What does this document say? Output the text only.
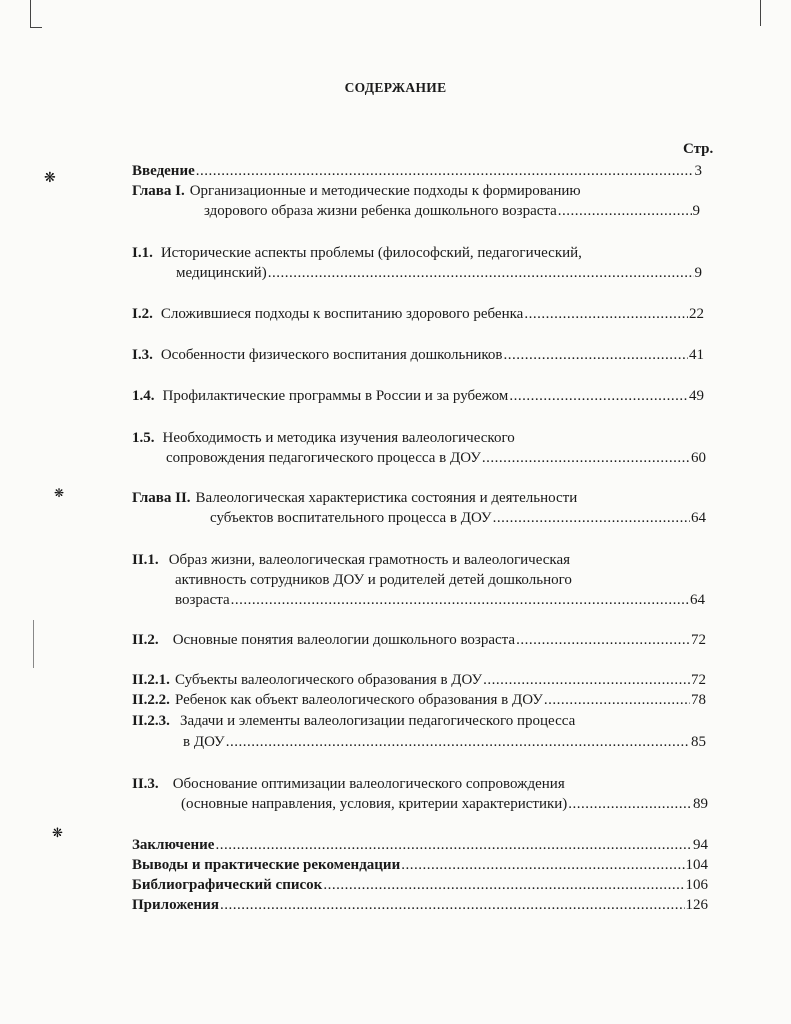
❋
❋
❋
СОДЕРЖАНИЕ
Стр.
Введение .....	3
Глава I. Организационные и методические подходы к формированию
здорового образа жизни ребенка дошкольного возраста .....	9
I.1. Исторические аспекты проблемы (философский, педагогический,
медицинский) .....	9
I.2. Сложившиеся подходы к воспитанию здорового ребенка .....	22
I.3. Особенности физического воспитания дошкольников .....	41
1.4. Профилактические программы в России и за рубежом .....	49
1.5. Необходимость и методика изучения валеологического
сопровождения педагогического процесса в ДОУ .....	60
Глава II. Валеологическая характеристика состояния и деятельности
субъектов воспитательного процесса в ДОУ .....	64
II.1. Образ жизни, валеологическая грамотность и валеологическая
активность сотрудников ДОУ и родителей детей дошкольного
возраста .....	64
II.2. Основные понятия валеологии дошкольного возраста .....	72
II.2.1. Субъекты валеологического образования в ДОУ .....	72
II.2.2. Ребенок как объект валеологического образования в ДОУ .....	78
II.2.3. Задачи и элементы валеологизации педагогического процесса
в ДОУ .....	85
II.3. Обоснование оптимизации валеологического сопровождения
(основные направления, условия, критерии характеристики) .....	89
Заключение .....	94
Выводы и практические рекомендации .....	104
Библиографический список .....	106
Приложения .....	126
